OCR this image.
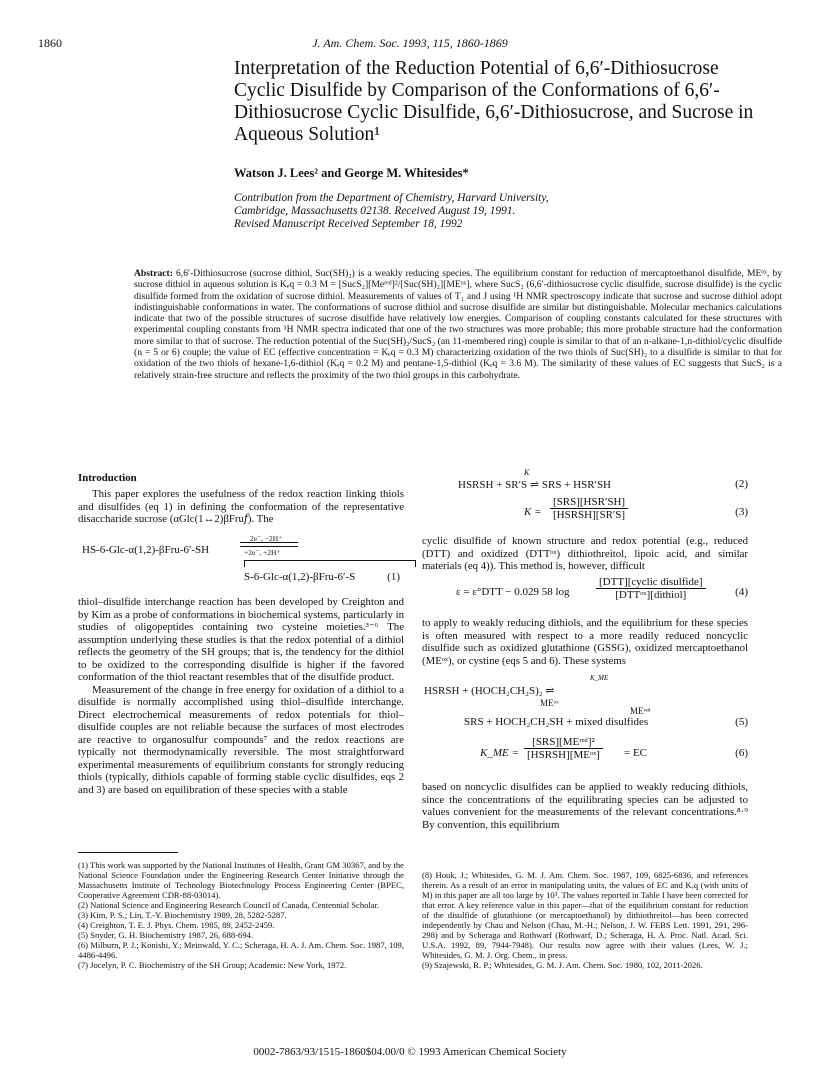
1860	J. Am. Chem. Soc. 1993, 115, 1860-1869
Interpretation of the Reduction Potential of 6,6′-Dithiosucrose Cyclic Disulfide by Comparison of the Conformations of 6,6′-Dithiosucrose Cyclic Disulfide, 6,6′-Dithiosucrose, and Sucrose in Aqueous Solution¹
Watson J. Lees² and George M. Whitesides*
Contribution from the Department of Chemistry, Harvard University,
Cambridge, Massachusetts 02138. Received August 19, 1991.
Revised Manuscript Received September 18, 1992
Abstract: 6,6′-Dithiosucrose (sucrose dithiol, Suc(SH)₂) is a weakly reducing species. The equilibrium constant for reduction of mercaptoethanol disulfide, MEᵒˣ, by sucrose dithiol in aqueous solution is Kₑq = 0.3 M = [SucS₂][Meʳᵉᵈ]²/[Suc(SH)₂][MEᵒˣ], where SucS₂ (6,6′-dithiosucrose cyclic disulfide, sucrose disulfide) is the cyclic disulfide formed from the oxidation of sucrose dithiol. Measurements of values of T₁ and J using ¹H NMR spectroscopy indicate that sucrose and sucrose dithiol adopt indistinguishable conformations in water. The conformations of sucrose dithiol and sucrose disulfide are similar but distinguishable. Molecular mechanics calculations indicate that two of the possible structures of sucrose disulfide have relatively low energies. Comparison of coupling constants calculated for these structures with experimental coupling constants from ¹H NMR spectra indicated that one of the two structures was more probable; this more probable structure had the conformation more similar to that of sucrose. The reduction potential of the Suc(SH)₂/SucS₂ (an 11-membered ring) couple is similar to that of an n-alkane-1,n-dithiol/cyclic disulfide (n = 5 or 6) couple; the value of EC (effective concentration = Kₑq = 0.3 M) characterizing oxidation of the two thiols of Suc(SH)₂ to a disulfide is similar to that for oxidation of the two thiols of hexane-1,6-dithiol (Kₑq = 0.2 M) and pentane-1,5-dithiol (Kₑq = 3.6 M). The similarity of these values of EC suggests that SucS₂ is a relatively strain-free structure and reflects the proximity of the two thiol groups in this carbohydrate.
Introduction

This paper explores the usefulness of the redox reaction linking thiols and disulfides (eq 1) in defining the conformation of the representative disaccharide sucrose (αGlc(1↔2)βFru𝑓). The

HS-6-Glc-α(1,2)-βFru-6′-SH
2e⁻, −2H⁺
+2e⁻, +2H⁺
S-6-Glc-α(1,2)-βFru-6′-S	(1)

thiol–disulfide interchange reaction has been developed by Creighton and by Kim as a probe of conformations in biochemical systems, particularly in studies of oligopeptides containing two cysteine moieties.³⁻⁶ The assumption underlying these studies is that the redox potential of a dithiol reflects the geometry of the SH groups; that is, the tendency for the dithiol to be oxidized to the corresponding disulfide is higher if the favored conformation of the thiol reactant resembles that of the disulfide product.

Measurement of the change in free energy for oxidation of a dithiol to a disulfide is normally accomplished using thiol–disulfide interchange. Direct electrochemical measurements of redox potentials for thiol–disulfide couples are not reliable because the surfaces of most electrodes are reactive to organosulfur compounds⁷ and the redox reactions are typically not thermodynamically reversible. The most straightforward experimental measurements of equilibrium constants for strongly reducing thiols (typically, dithiols capable of forming stable cyclic disulfides, eqs 2 and 3) are based on equilibration of these species with a stable

HSRSH + SR′S ⇌ SRS + HSR′SH
K
(2)
K =
[SRS][HSR′SH]
[HSRSH][SR′S]	(3)

cyclic disulfide of known structure and redox potential (e.g., reduced (DTT) and oxidized (DTTᵒˣ) dithiothreitol, lipoic acid, and similar materials (eq 4)). This method is, however, difficult

ε = ε°DTT − 0.029 58 log
[DTT][cyclic disulfide]
[DTTᵒˣ][dithiol]	(4)

to apply to weakly reducing dithiols, and the equilibrium for these species is often measured with respect to a more readily reduced noncyclic disulfide such as oxidized glutathione (GSSG), oxidized mercaptoethanol (MEᵒˣ), or cystine (eqs 5 and 6). These systems

HSRSH + (HOCH₂CH₂S)₂ ⇌
K_ME
MEᵒˣ
SRS + HOCH₂CH₂SH + mixed disulfides
MEʳᵉᵈ
(5)
K_ME =
[SRS][MEʳᵉᵈ]²
[HSRSH][MEᵒˣ] = EC	(6)

based on noncyclic disulfides can be applied to weakly reducing dithiols, since the concentrations of the equilibrating species can be adjusted to values convenient for the measurements of the relevant concentrations.⁸·⁹ By convention, this equilibrium

(1) This work was supported by the National Institutes of Health, Grant GM 30367, and by the National Science Foundation under the Engineering Research Center Initiative through the Massachusetts Institute of Technology Biotechnology Process Engineering Center (BPEC, Cooperative Agreement CDR-88-03014).
(2) National Science and Engineering Research Council of Canada, Centennial Scholar.
(3) Kim, P. S.; Lin, T.-Y. Biochemistry 1989, 28, 5282-5287.
(4) Creighton, T. E. J. Phys. Chem. 1985, 89, 2452-2459.
(5) Snyder, G. H. Biochemistry 1987, 26, 688-694.
(6) Milburn, P. J.; Konishi, Y.; Meinwald, Y. C.; Scheraga, H. A. J. Am. Chem. Soc. 1987, 109, 4486-4496.
(7) Jocelyn, P. C. Biochemistry of the SH Group; Academic: New York, 1972.
(8) Houk, J.; Whitesides, G. M. J. Am. Chem. Soc. 1987, 109, 6825-6836, and references therein. As a result of an error in manipulating units, the values of EC and Kₑq (with units of M) in this paper are all too large by 10³. The values reported in Table I have been corrected for that error. A key reference value in this paper—that of the equilibrium constant for reduction of the disulfide of glutathione (or mercaptoethanol) by dithiothreitol—has been corrected independently by Chau and Nelson (Chau, M.-H.; Nelson, J. W. FEBS Lett. 1991, 291, 296-298) and by Scheraga and Rothwarf (Rothwarf, D.; Scheraga, H. A. Proc. Natl. Acad. Sci. U.S.A. 1992, 89, 7944-7948). Our results now agree with their values (Lees, W. J.; Whitesides, G. M. J. Org. Chem., in press.
(9) Szajewski, R. P.; Whitesides, G. M. J. Am. Chem. Soc. 1980, 102, 2011-2026.
0002-7863/93/1515-1860$04.00/0 © 1993 American Chemical Society
